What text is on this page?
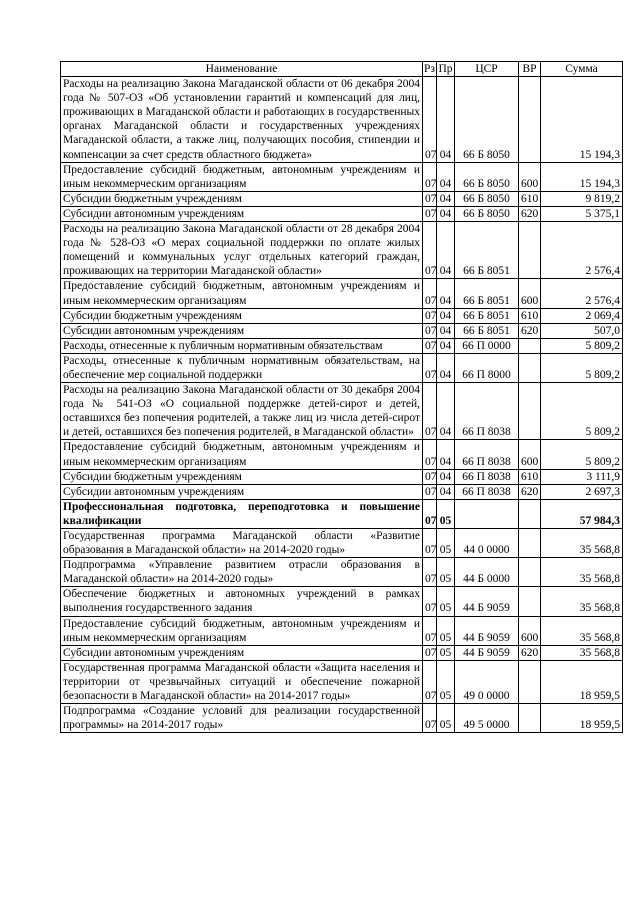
Наименование	Рз	Пр	ЦСР	ВР	Сумма
Расходы на реализацию Закона Магаданской области от 06 декабря 2004 года № 507-ОЗ «Об установлении гарантий и компенсаций для лиц, проживающих в Магаданской области и работающих в государственных органах Магаданской области и государственных учреждениях Магаданской области, а также лиц, получающих пособия, стипендии и компенсации за счет средств областного бюджета»	07	04	66 Б 8050		15 194,3
Предоставление субсидий бюджетным, автономным учреждениям и иным некоммерческим организациям	07	04	66 Б 8050	600	15 194,3
Субсидии бюджетным учреждениям	07	04	66 Б 8050	610	9 819,2
Субсидии автономным учреждениям	07	04	66 Б 8050	620	5 375,1
Расходы на реализацию Закона Магаданской области от 28 декабря 2004 года № 528-ОЗ «О мерах социальной поддержки по оплате жилых помещений и коммунальных услуг отдельных категорий граждан, проживающих на территории Магаданской области»	07	04	66 Б 8051		2 576,4
Предоставление субсидий бюджетным, автономным учреждениям и иным некоммерческим организациям	07	04	66 Б 8051	600	2 576,4
Субсидии бюджетным учреждениям	07	04	66 Б 8051	610	2 069,4
Субсидии автономным учреждениям	07	04	66 Б 8051	620	507,0
Расходы, отнесенные к публичным нормативным обязательствам	07	04	66 П 0000		5 809,2
Расходы, отнесенные к публичным нормативным обязательствам, на обеспечение мер социальной поддержки	07	04	66 П 8000		5 809,2
Расходы на реализацию Закона Магаданской области от 30 декабря 2004 года № 541-ОЗ «О социальной поддержке детей-сирот и детей, оставшихся без попечения родителей, а также лиц из числа детей-сирот и детей, оставшихся без попечения родителей, в Магаданской области»	07	04	66 П 8038		5 809,2
Предоставление субсидий бюджетным, автономным учреждениям и иным некоммерческим организациям	07	04	66 П 8038	600	5 809,2
Субсидии бюджетным учреждениям	07	04	66 П 8038	610	3 111,9
Субсидии автономным учреждениям	07	04	66 П 8038	620	2 697,3
Профессиональная подготовка, переподготовка и повышение квалификации	07	05			57 984,3
Государственная программа Магаданской области «Развитие образования в Магаданской области» на 2014-2020 годы»	07	05	44 0 0000		35 568,8
Подпрограмма «Управление развитием отрасли образования в Магаданской области» на 2014-2020 годы»	07	05	44 Б 0000		35 568,8
Обеспечение бюджетных и автономных учреждений в рамках выполнения государственного задания	07	05	44 Б 9059		35 568,8
Предоставление субсидий бюджетным, автономным учреждениям и иным некоммерческим организациям	07	05	44 Б 9059	600	35 568,8
Субсидии автономным учреждениям	07	05	44 Б 9059	620	35 568,8
Государственная программа Магаданской области «Защита населения и территории от чрезвычайных ситуаций и обеспечение пожарной безопасности в Магаданской области» на 2014-2017 годы»	07	05	49 0 0000		18 959,5
Подпрограмма «Создание условий для реализации государственной программы» на 2014-2017 годы»	07	05	49 5 0000		18 959,5
